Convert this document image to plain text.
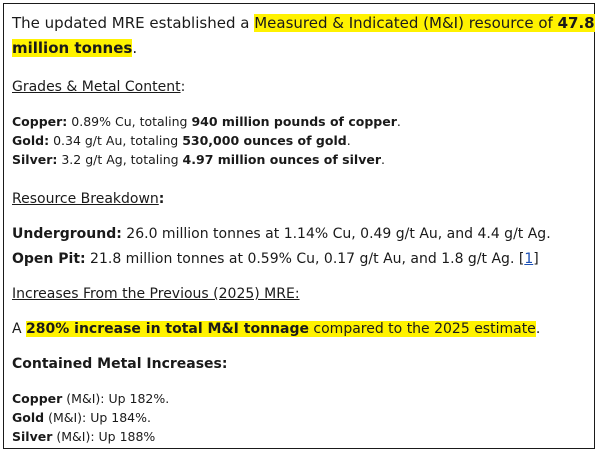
The updated MRE established a Measured & Indicated (M&I) resource of 47.8
million tonnes.
Grades & Metal Content:
Copper: 0.89% Cu, totaling 940 million pounds of copper.
Gold: 0.34 g/t Au, totaling 530,000 ounces of gold.
Silver: 3.2 g/t Ag, totaling 4.97 million ounces of silver.
Resource Breakdown:
Underground: 26.0 million tonnes at 1.14% Cu, 0.49 g/t Au, and 4.4 g/t Ag.
Open Pit: 21.8 million tonnes at 0.59% Cu, 0.17 g/t Au, and 1.8 g/t Ag. [1]
Increases From the Previous (2025) MRE:
A 280% increase in total M&I tonnage compared to the 2025 estimate.
Contained Metal Increases:
Copper (M&I): Up 182%.
Gold (M&I): Up 184%.
Silver (M&I): Up 188%
